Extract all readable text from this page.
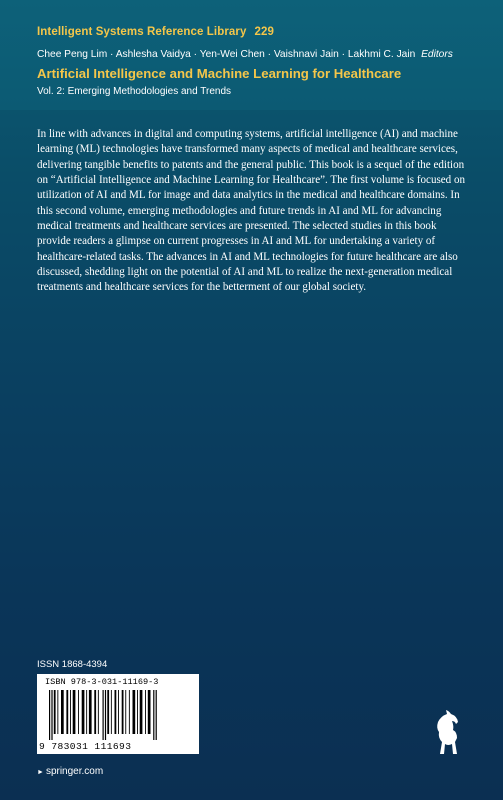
Intelligent Systems Reference Library 229
Chee Peng Lim · Ashlesha Vaidya · Yen-Wei Chen · Vaishnavi Jain · Lakhmi C. Jain Editors
Artificial Intelligence and Machine Learning for Healthcare
Vol. 2: Emerging Methodologies and Trends

In line with advances in digital and computing systems, artificial intelligence (AI) and machine learning (ML) technologies have transformed many aspects of medical and healthcare services, delivering tangible benefits to patents and the general public. This book is a sequel of the edition on “Artificial Intelligence and Machine Learning for Healthcare”. The first volume is focused on utilization of AI and ML for image and data analytics in the medical and healthcare domains. In this second volume, emerging methodologies and future trends in AI and ML for advancing medical treatments and healthcare services are presented. The selected studies in this book provide readers a glimpse on current progresses in AI and ML for undertaking a variety of healthcare-related tasks. The advances in AI and ML technologies for future healthcare are also discussed, shedding light on the potential of AI and ML to realize the next-generation medical treatments and healthcare services for the betterment of our global society.

ISSN 1868-4394
ISBN 978-3-031-11169-3
9 783031 111693
► springer.com
